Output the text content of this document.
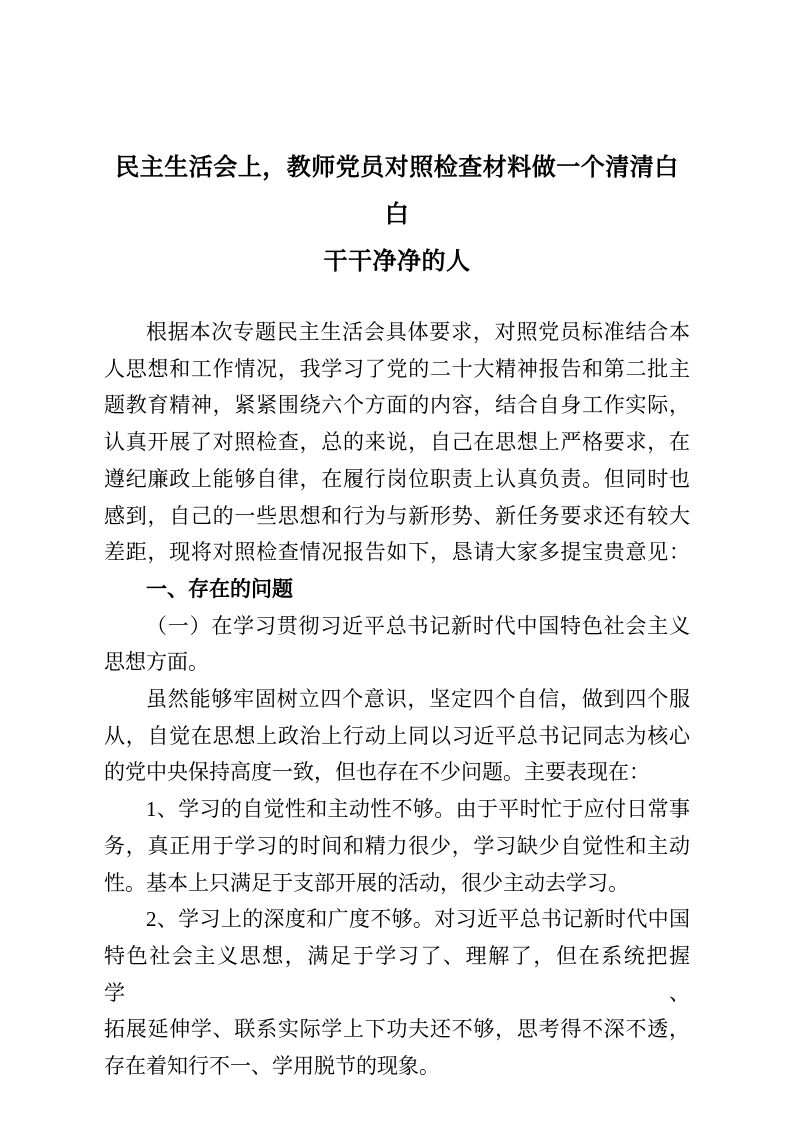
民主生活会上，教师党员对照检查材料做一个清清白白
干干净净的人

根据本次专题民主生活会具体要求，对照党员标准结合本

人思想和工作情况，我学习了党的二十大精神报告和第二批主

题教育精神，紧紧围绕六个方面的内容，结合自身工作实际，

认真开展了对照检查，总的来说，自己在思想上严格要求，在

遵纪廉政上能够自律，在履行岗位职责上认真负责。但同时也

感到，自己的一些思想和行为与新形势、新任务要求还有较大

差距，现将对照检查情况报告如下，恳请大家多提宝贵意见：

一、存在的问题

（一）在学习贯彻习近平总书记新时代中国特色社会主义

思想方面。

虽然能够牢固树立四个意识，坚定四个自信，做到四个服

从，自觉在思想上政治上行动上同以习近平总书记同志为核心

的党中央保持高度一致，但也存在不少问题。主要表现在：

1、学习的自觉性和主动性不够。由于平时忙于应付日常事

务，真正用于学习的时间和精力很少，学习缺少自觉性和主动

性。基本上只满足于支部开展的活动，很少主动去学习。

2、学习上的深度和广度不够。对习近平总书记新时代中国

特色社会主义思想，满足于学习了、理解了，但在系统把握学、

拓展延伸学、联系实际学上下功夫还不够，思考得不深不透，

存在着知行不一、学用脱节的现象。
